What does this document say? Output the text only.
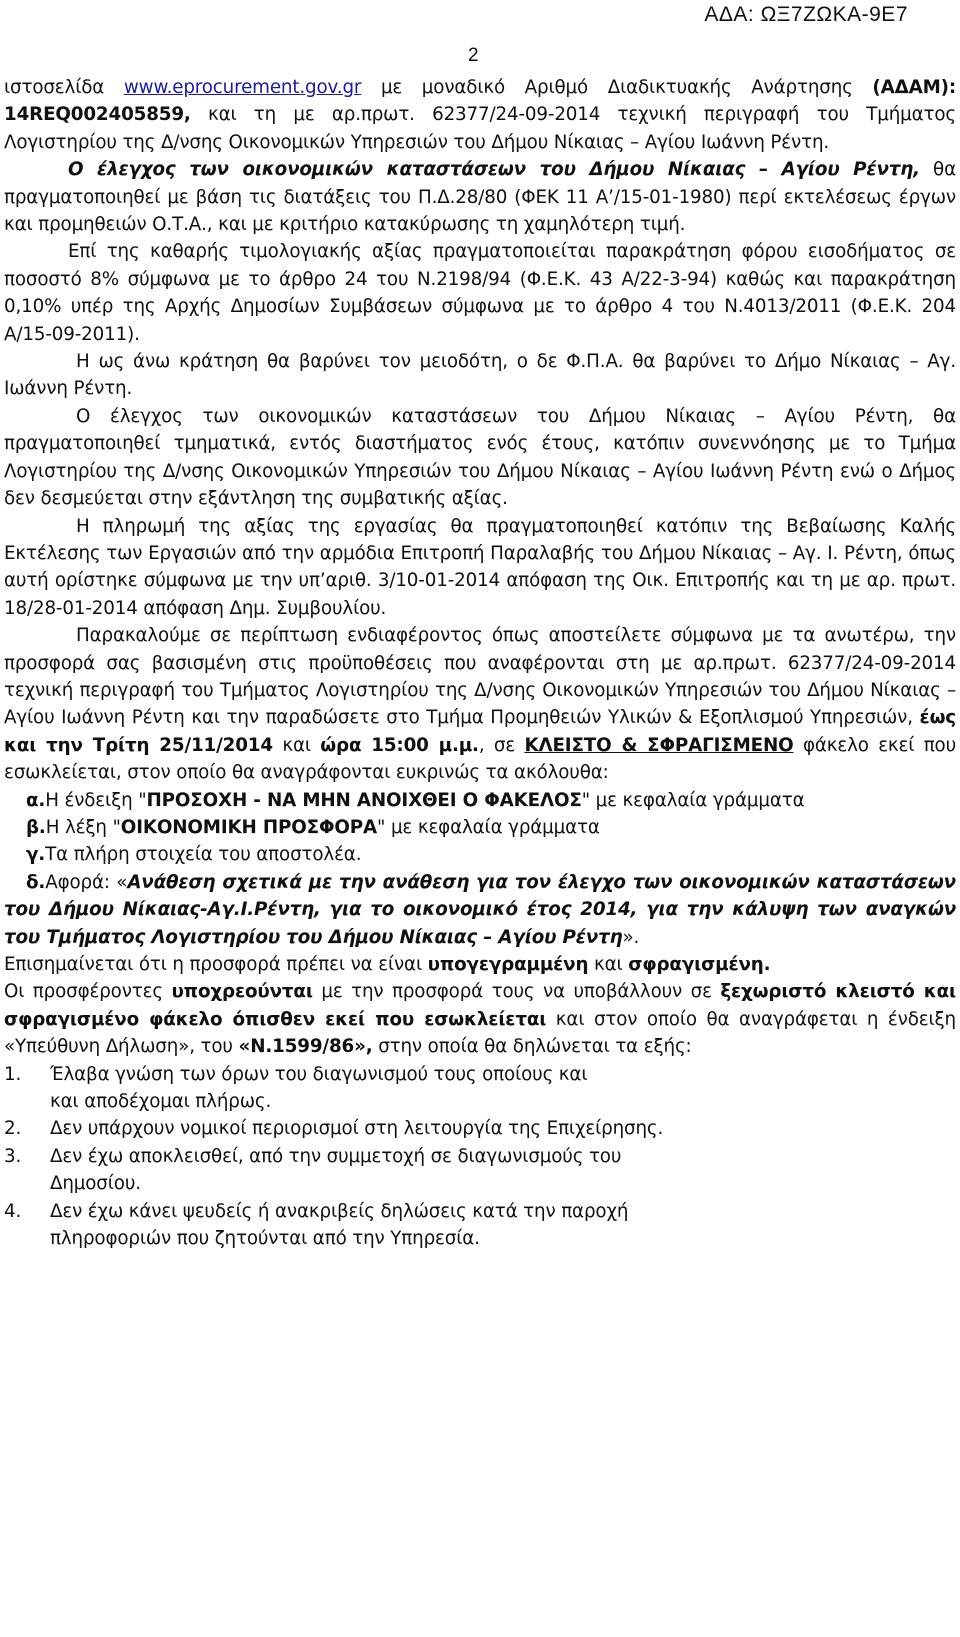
ΑΔΑ: ΩΞ7ΖΩΚΑ-9Ε7
2

ιστοσελίδα www.eprocurement.gov.gr με μοναδικό Αριθμό Διαδικτυακής Ανάρτησης (ΑΔΑΜ): 14REQ002405859, και τη με αρ.πρωτ. 62377/24-09-2014 τεχνική περιγραφή του Τμήματος Λογιστηρίου της Δ/νσης Οικονομικών Υπηρεσιών του Δήμου Νίκαιας – Αγίου Ιωάννη Ρέντη.

Ο έλεγχος των οικονομικών καταστάσεων του Δήμου Νίκαιας – Αγίου Ρέντη, θα πραγματοποιηθεί με βάση τις διατάξεις του Π.Δ.28/80 (ΦΕΚ 11 Α’/15-01-1980) περί εκτελέσεως έργων και προμηθειών Ο.Τ.Α., και με κριτήριο κατακύρωσης τη χαμηλότερη τιμή.

Επί της καθαρής τιμολογιακής αξίας πραγματοποιείται παρακράτηση φόρου εισοδήματος σε ποσοστό 8% σύμφωνα με το άρθρο 24 του Ν.2198/94 (Φ.Ε.Κ. 43 Α/22-3-94) καθώς και παρακράτηση 0,10% υπέρ της Αρχής Δημοσίων Συμβάσεων σύμφωνα με το άρθρο 4 του Ν.4013/2011 (Φ.Ε.Κ. 204 Α/15-09-2011).

Η ως άνω κράτηση θα βαρύνει τον μειοδότη, ο δε Φ.Π.Α. θα βαρύνει το Δήμο Νίκαιας – Αγ. Ιωάννη Ρέντη.

Ο έλεγχος των οικονομικών καταστάσεων του Δήμου Νίκαιας – Αγίου Ρέντη, θα πραγματοποιηθεί τμηματικά, εντός διαστήματος ενός έτους, κατόπιν συνεννόησης με το Τμήμα Λογιστηρίου της Δ/νσης Οικονομικών Υπηρεσιών του Δήμου Νίκαιας – Αγίου Ιωάννη Ρέντη ενώ ο Δήμος δεν δεσμεύεται στην εξάντληση της συμβατικής αξίας.

Η πληρωμή της αξίας της εργασίας θα πραγματοποιηθεί κατόπιν της Βεβαίωσης Καλής Εκτέλεσης των Εργασιών από την αρμόδια Επιτροπή Παραλαβής του Δήμου Νίκαιας – Αγ. Ι. Ρέντη, όπως αυτή ορίστηκε σύμφωνα με την υπ’αριθ. 3/10-01-2014 απόφαση της Οικ. Επιτροπής και τη με αρ. πρωτ. 18/28-01-2014 απόφαση Δημ. Συμβουλίου.

Παρακαλούμε σε περίπτωση ενδιαφέροντος όπως αποστείλετε σύμφωνα με τα ανωτέρω, την προσφορά σας βασισμένη στις προϋποθέσεις που αναφέρονται στη με αρ.πρωτ. 62377/24-09-2014 τεχνική περιγραφή του Τμήματος Λογιστηρίου της Δ/νσης Οικονομικών Υπηρεσιών του Δήμου Νίκαιας – Αγίου Ιωάννη Ρέντη και την παραδώσετε στο Τμήμα Προμηθειών Υλικών & Εξοπλισμού Υπηρεσιών, έως και την Τρίτη 25/11/2014 και ώρα 15:00 μ.μ., σε ΚΛΕΙΣΤΟ & ΣΦΡΑΓΙΣΜΕΝΟ φάκελο εκεί που εσωκλείεται, στον οποίο θα αναγράφονται ευκρινώς τα ακόλουθα:

α.Η ένδειξη "ΠΡΟΣΟΧΗ - ΝΑ ΜΗΝ ΑΝΟΙΧΘΕΙ Ο ΦΑΚΕΛΟΣ" με κεφαλαία γράμματα

β.Η λέξη "ΟΙΚΟΝΟΜΙΚΗ ΠΡΟΣΦΟΡΑ" με κεφαλαία γράμματα

γ.Τα πλήρη στοιχεία του αποστολέα.

δ.Αφορά: «Ανάθεση σχετικά με την ανάθεση για τον έλεγχο των οικονομικών καταστάσεων του Δήμου Νίκαιας-Αγ.Ι.Ρέντη, για το οικονομικό έτος 2014, για την κάλυψη των αναγκών του Τμήματος Λογιστηρίου του Δήμου Νίκαιας – Αγίου Ρέντη».

Επισημαίνεται ότι η προσφορά πρέπει να είναι υπογεγραμμένη και σφραγισμένη.

Οι προσφέροντες υποχρεούνται με την προσφορά τους να υποβάλλουν σε ξεχωριστό κλειστό και σφραγισμένο φάκελο όπισθεν εκεί που εσωκλείεται και στον οποίο θα αναγράφεται η ένδειξη «Υπεύθυνη Δήλωση», του «Ν.1599/86», στην οποία θα δηλώνεται τα εξής:

1.	Έλαβα γνώση των όρων του διαγωνισμού τους οποίους και
και αποδέχομαι πλήρως.
2.	Δεν υπάρχουν νομικοί περιορισμοί στη λειτουργία της Επιχείρησης.
3.	Δεν έχω αποκλεισθεί, από την συμμετοχή σε διαγωνισμούς του
Δημοσίου.
4.	Δεν έχω κάνει ψευδείς ή ανακριβείς δηλώσεις κατά την παροχή
πληροφοριών που ζητούνται από την Υπηρεσία.
